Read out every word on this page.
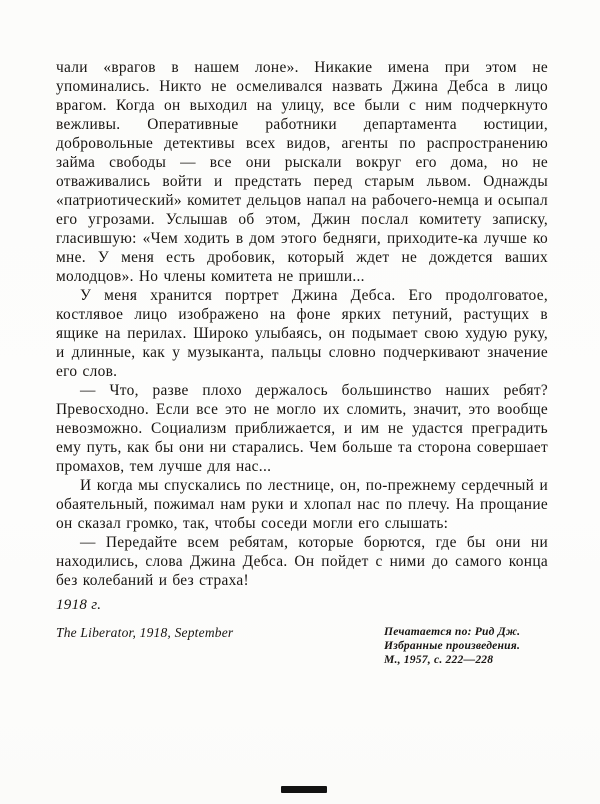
чали «врагов в нашем лоне». Никакие имена при этом не упоминались. Никто не осмеливался назвать Джина Дебса в лицо врагом. Когда он выходил на улицу, все были с ним подчеркнуто вежливы. Оперативные работники департамента юстиции, добровольные детективы всех видов, агенты по распространению займа свободы — все они рыскали вокруг его дома, но не отваживались войти и предстать перед старым львом. Однажды «патриотический» комитет дельцов напал на рабочего-немца и осыпал его угрозами. Услышав об этом, Джин послал комитету записку, гласившую: «Чем ходить в дом этого бедняги, приходите-ка лучше ко мне. У меня есть дробовик, который ждет не дождется ваших молодцов». Но члены комитета не пришли...

У меня хранится портрет Джина Дебса. Его продолговатое, костлявое лицо изображено на фоне ярких петуний, растущих в ящике на перилах. Широко улыбаясь, он подымает свою худую руку, и длинные, как у музыканта, пальцы словно подчеркивают значение его слов.

— Что, разве плохо держалось большинство наших ребят? Превосходно. Если все это не могло их сломить, значит, это вообще невозможно. Социализм приближается, и им не удастся преградить ему путь, как бы они ни старались. Чем больше та сторона совершает промахов, тем лучше для нас...

И когда мы спускались по лестнице, он, по-прежнему сердечный и обаятельный, пожимал нам руки и хлопал нас по плечу. На прощание он сказал громко, так, чтобы соседи могли его слышать:

— Передайте всем ребятам, которые борются, где бы они ни находились, слова Джина Дебса. Он пойдет с ними до самого конца без колебаний и без страха!

1918 г.

The Liberator, 1918, September	Печатается по: Рид Дж.
Избранные произведения.
М., 1957, с. 222—228
